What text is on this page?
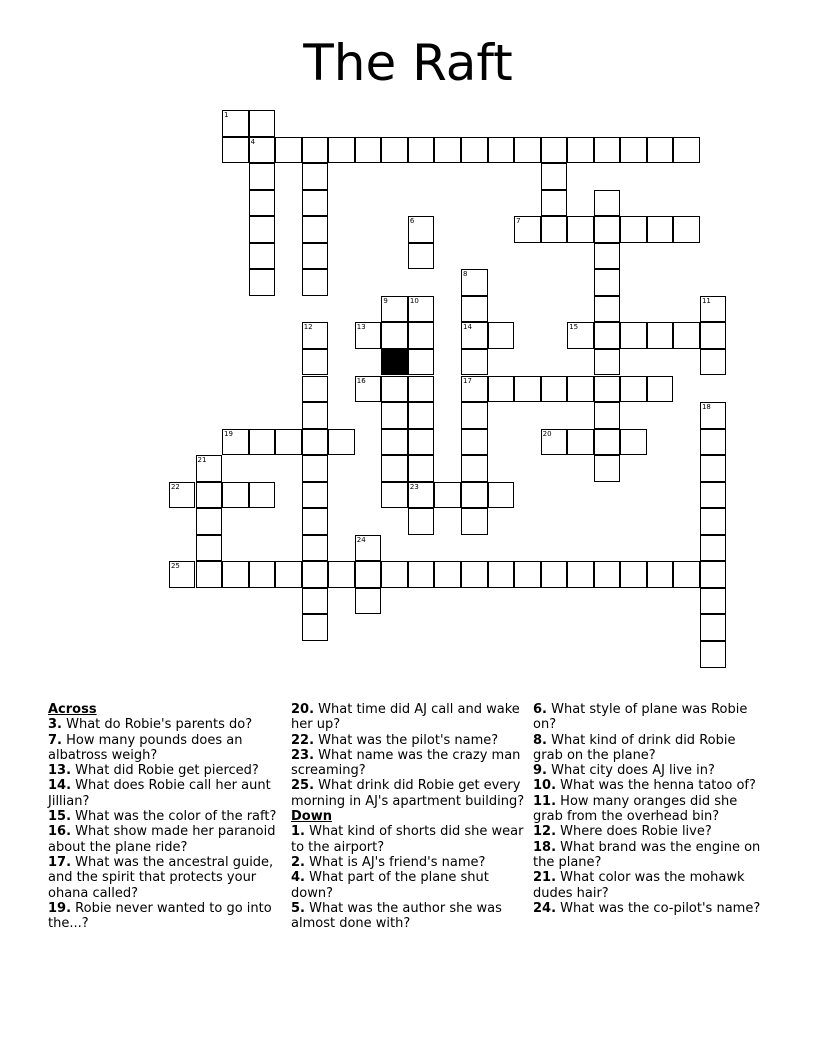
The Raft
1
4
6	7
8
9	10	11
12	13	14	15
16	17
18
19	20
21
22	23
24
25
Across
3. What do Robie's parents do?
7. How many pounds does an albatross weigh?
13. What did Robie get pierced?
14. What does Robie call her aunt Jillian?
15. What was the color of the raft?
16. What show made her paranoid about the plane ride?
17. What was the ancestral guide, and the spirit that protects your ohana called?
19. Robie never wanted to go into the...?
20. What time did AJ call and wake her up?
22. What was the pilot's name?
23. What name was the crazy man screaming?
25. What drink did Robie get every morning in AJ's apartment building?
Down
1. What kind of shorts did she wear to the airport?
2. What is AJ's friend's name?
4. What part of the plane shut down?
5. What was the author she was almost done with?
6. What style of plane was Robie on?
8. What kind of drink did Robie grab on the plane?
9. What city does AJ live in?
10. What was the henna tatoo of?
11. How many oranges did she grab from the overhead bin?
12. Where does Robie live?
18. What brand was the engine on the plane?
21. What color was the mohawk dudes hair?
24. What was the co-pilot's name?
